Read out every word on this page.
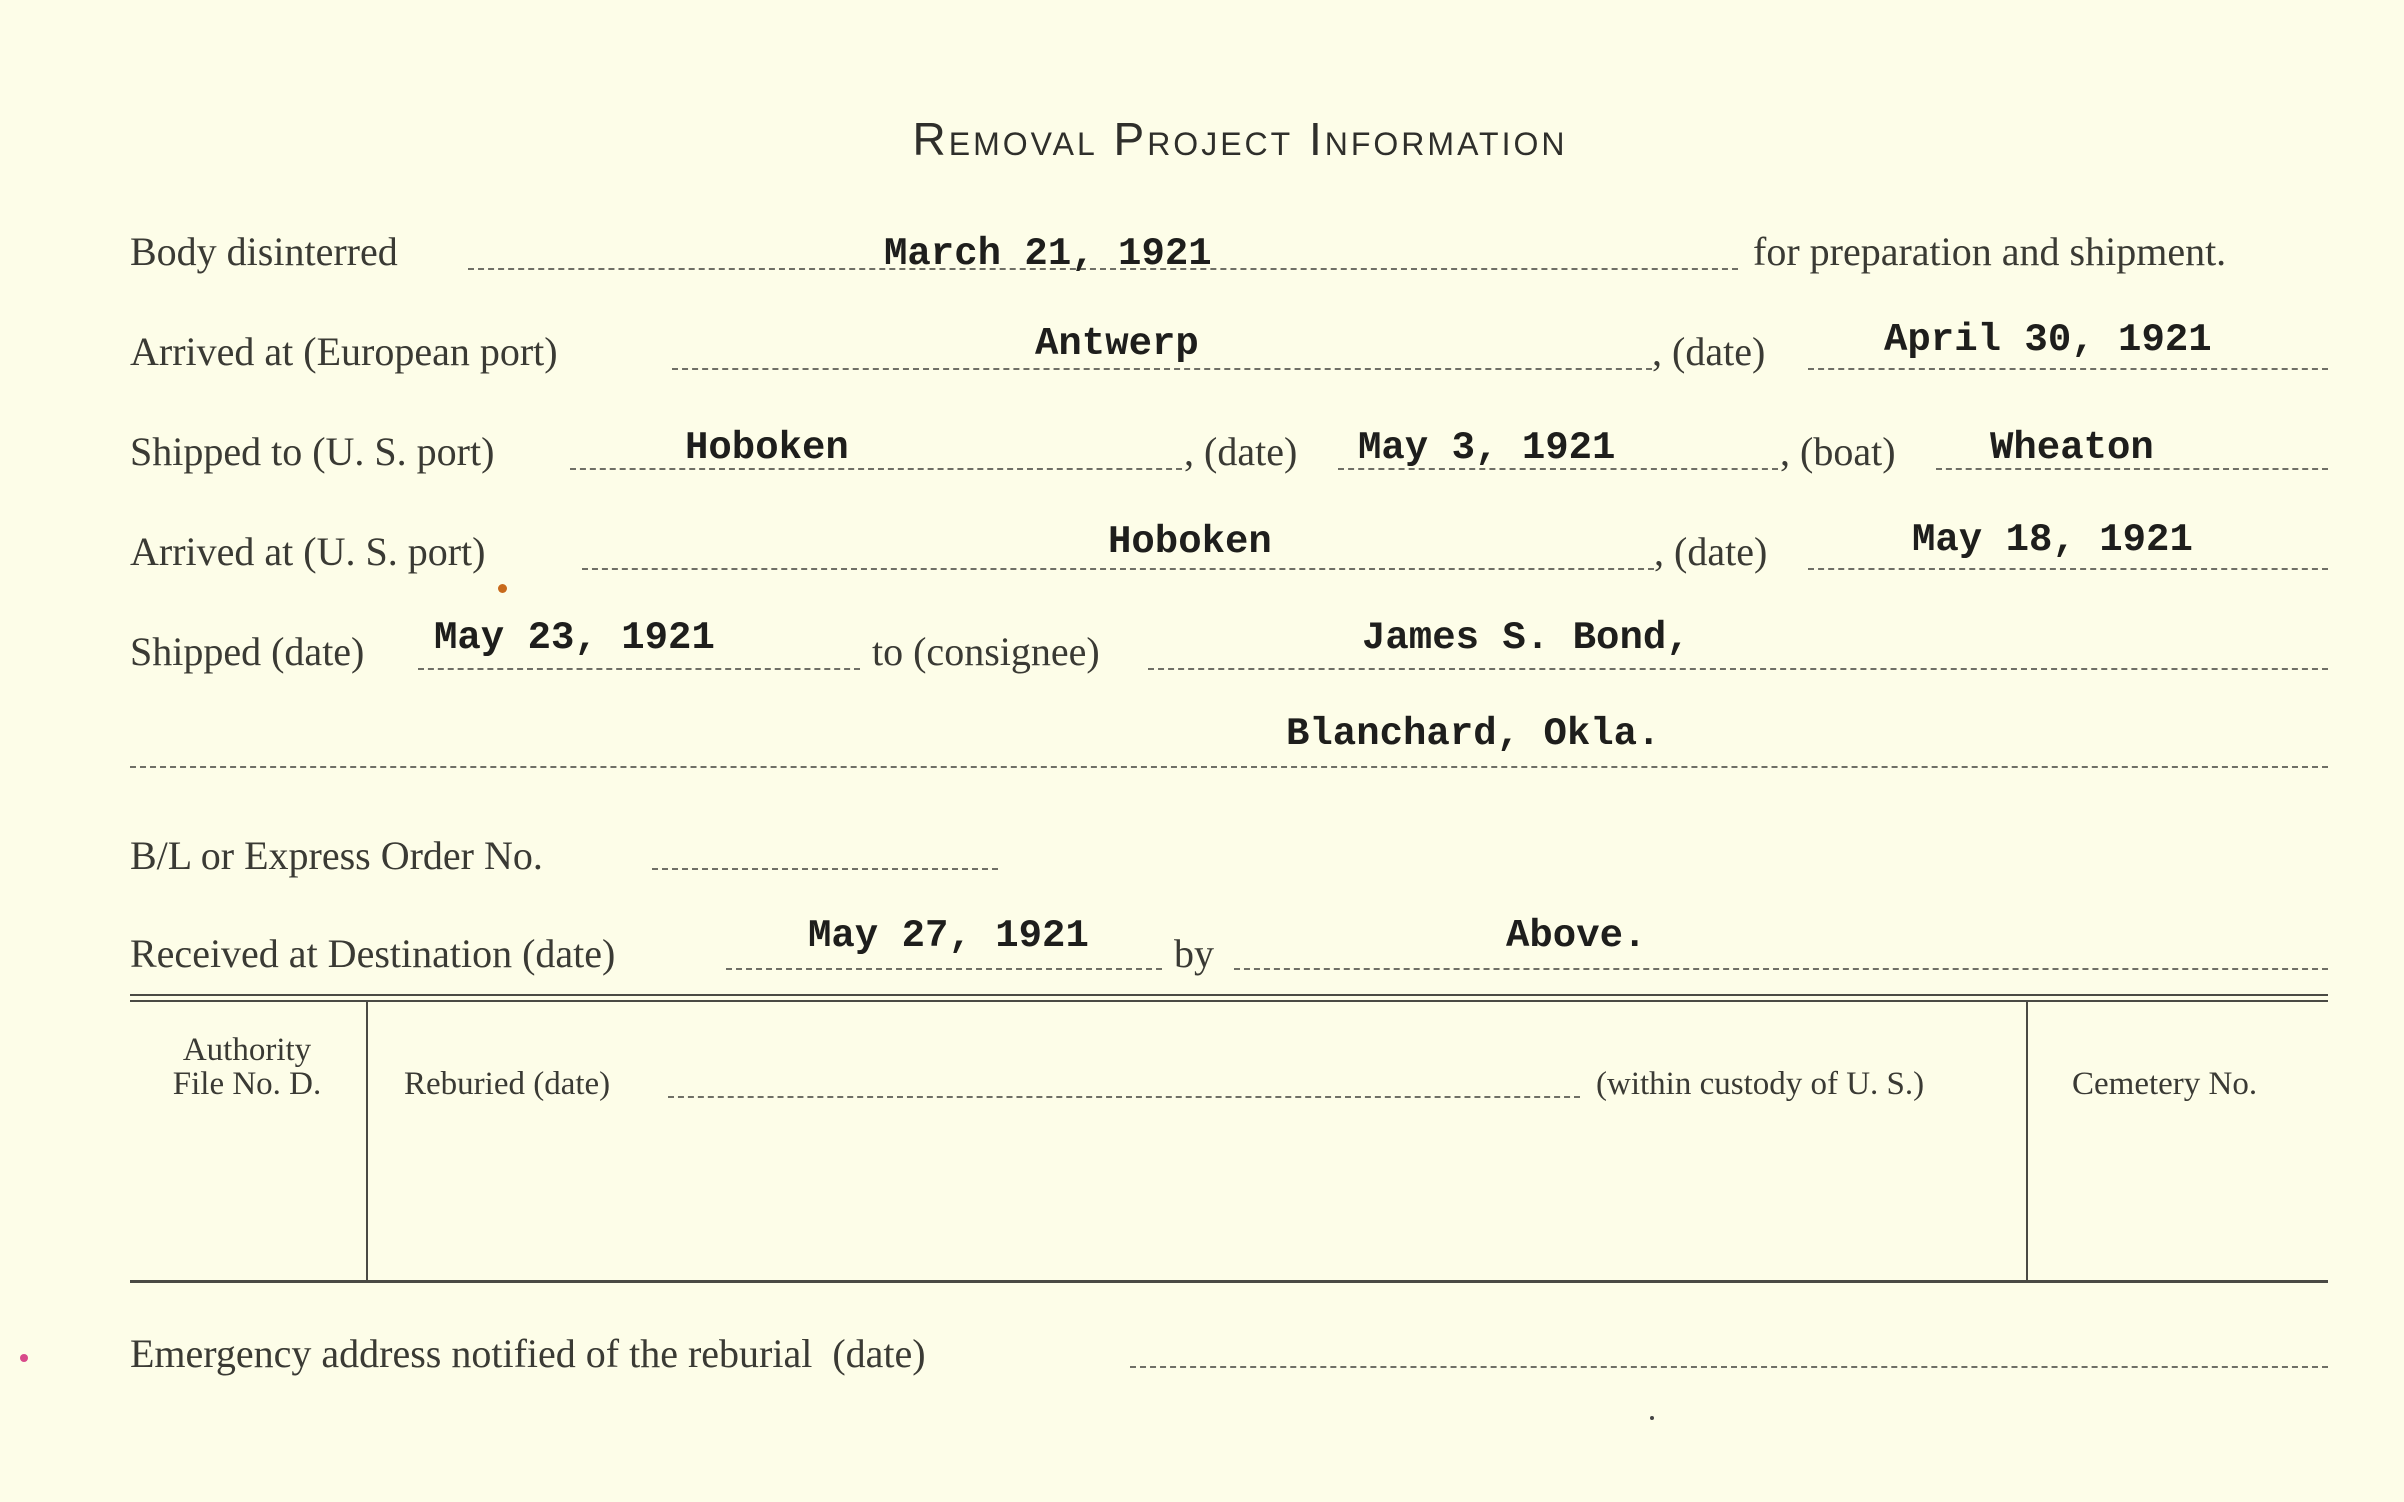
Removal Project Information
Body disinterred	March 21, 1921	for preparation and shipment.
Arrived at (European port)	Antwerp	, (date)	April 30, 1921
Shipped to (U. S. port)	Hoboken	, (date) May 3, 1921	, (boat) Wheaton
Arrived at (U. S. port)	Hoboken	, (date)	May 18, 1921
Shipped (date) May 23, 1921	to (consignee)	James S. Bond,
Blanchard, Okla.
B/L or Express Order No.
Received at Destination (date)	May 27, 1921 by	Above.
Authority
File No. D.	Reburied (date)	(within custody of U. S.)	Cemetery No.
Emergency address notified of the reburial  (date)
